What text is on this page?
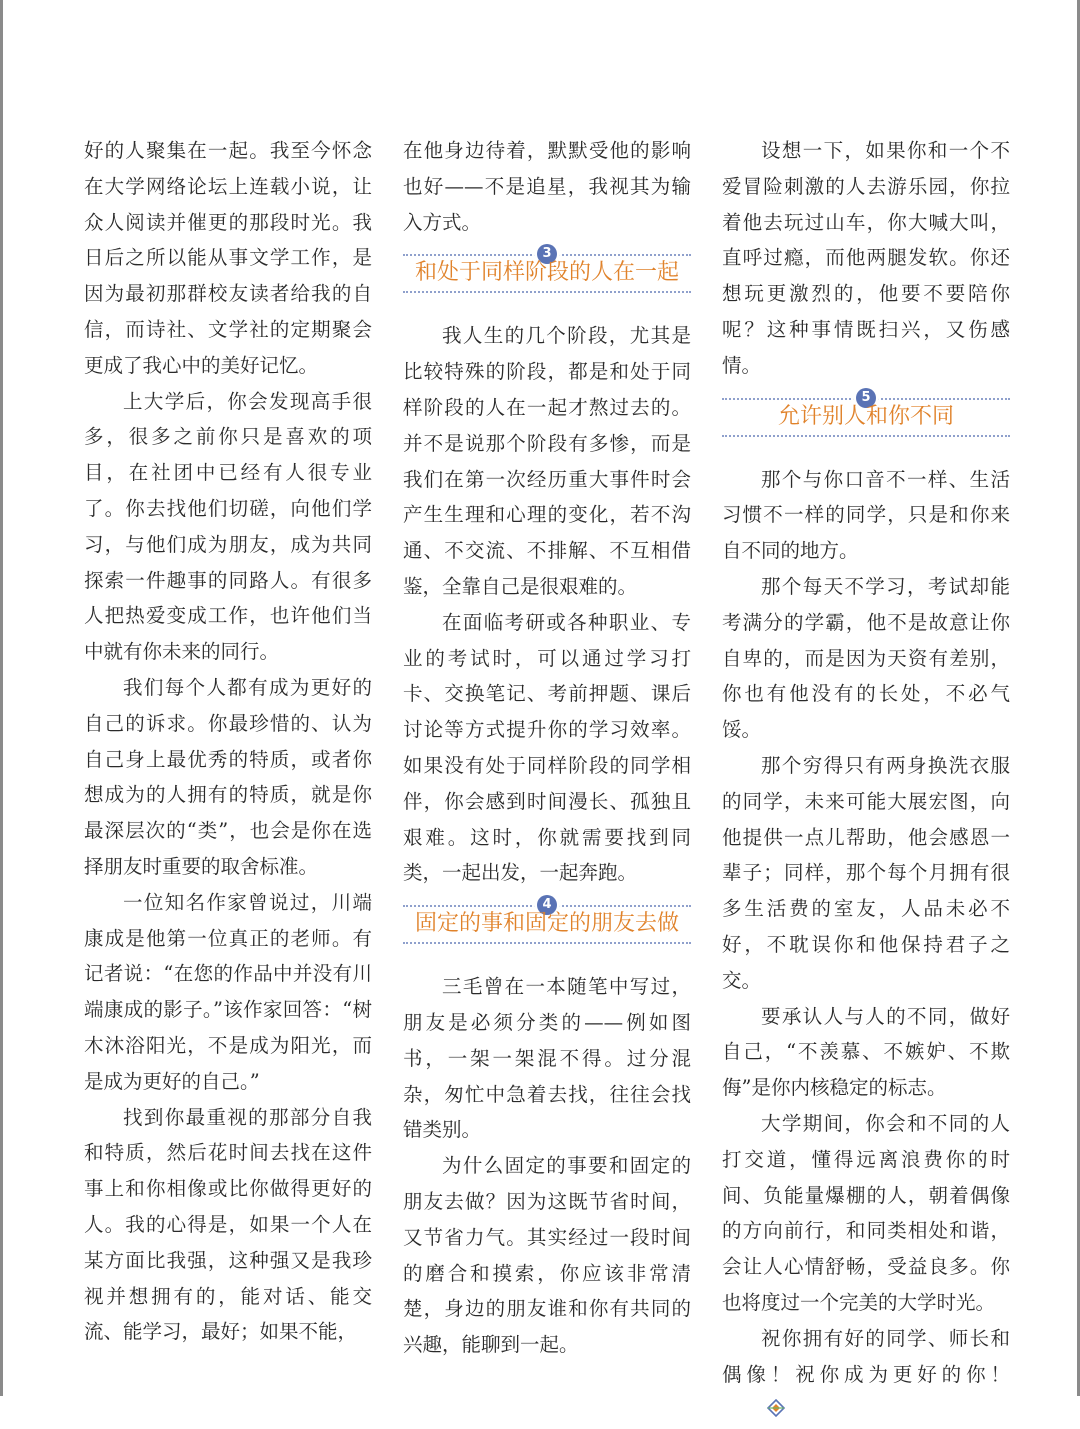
好的人聚集在一起。我至今怀念在大学网络论坛上连载小说，让众人阅读并催更的那段时光。我日后之所以能从事文学工作，是因为最初那群校友读者给我的自信，而诗社、文学社的定期聚会更成了我心中的美好记忆。

上大学后，你会发现高手很多，很多之前你只是喜欢的项目，在社团中已经有人很专业了。你去找他们切磋，向他们学习，与他们成为朋友，成为共同探索一件趣事的同路人。有很多人把热爱变成工作，也许他们当中就有你未来的同行。

我们每个人都有成为更好的自己的诉求。你最珍惜的、认为自己身上最优秀的特质，或者你想成为的人拥有的特质，就是你最深层次的“类”，也会是你在选择朋友时重要的取舍标准。

一位知名作家曾说过，川端康成是他第一位真正的老师。有记者说：“在您的作品中并没有川端康成的影子。”该作家回答：“树木沐浴阳光，不是成为阳光，而是成为更好的自己。”

找到你最重视的那部分自我和特质，然后花时间去找在这件事上和你相像或比你做得更好的人。我的心得是，如果一个人在某方面比我强，这种强又是我珍视并想拥有的，能对话、能交流、能学习，最好；如果不能，

在他身边待着，默默受他的影响也好——不是追星，我视其为输入方式。

3
和处于同样阶段的人在一起

我人生的几个阶段，尤其是比较特殊的阶段，都是和处于同样阶段的人在一起才熬过去的。并不是说那个阶段有多惨，而是我们在第一次经历重大事件时会产生生理和心理的变化，若不沟通、不交流、不排解、不互相借鉴，全靠自己是很艰难的。

在面临考研或各种职业、专业的考试时，可以通过学习打卡、交换笔记、考前押题、课后讨论等方式提升你的学习效率。如果没有处于同样阶段的同学相伴，你会感到时间漫长、孤独且艰难。这时，你就需要找到同类，一起出发，一起奔跑。

4
固定的事和固定的朋友去做

三毛曾在一本随笔中写过，朋友是必须分类的——例如图书，一架一架混不得。过分混杂，匆忙中急着去找，往往会找错类别。

为什么固定的事要和固定的朋友去做？因为这既节省时间，又节省力气。其实经过一段时间的磨合和摸索，你应该非常清楚，身边的朋友谁和你有共同的兴趣，能聊到一起。

设想一下，如果你和一个不爱冒险刺激的人去游乐园，你拉着他去玩过山车，你大喊大叫，直呼过瘾，而他两腿发软。你还想玩更激烈的，他要不要陪你呢？这种事情既扫兴，又伤感情。

5
允许别人和你不同

那个与你口音不一样、生活习惯不一样的同学，只是和你来自不同的地方。

那个每天不学习，考试却能考满分的学霸，他不是故意让你自卑的，而是因为天资有差别，你也有他没有的长处，不必气馁。

那个穷得只有两身换洗衣服的同学，未来可能大展宏图，向他提供一点儿帮助，他会感恩一辈子；同样，那个每个月拥有很多生活费的室友，人品未必不好，不耽误你和他保持君子之交。

要承认人与人的不同，做好自己，“不羡慕、不嫉妒、不欺侮”是你内核稳定的标志。

大学期间，你会和不同的人打交道，懂得远离浪费你的时间、负能量爆棚的人，朝着偶像的方向前行，和同类相处和谐，会让人心情舒畅，受益良多。你也将度过一个完美的大学时光。

祝你拥有好的同学、师长和偶像！祝你成为更好的你！
